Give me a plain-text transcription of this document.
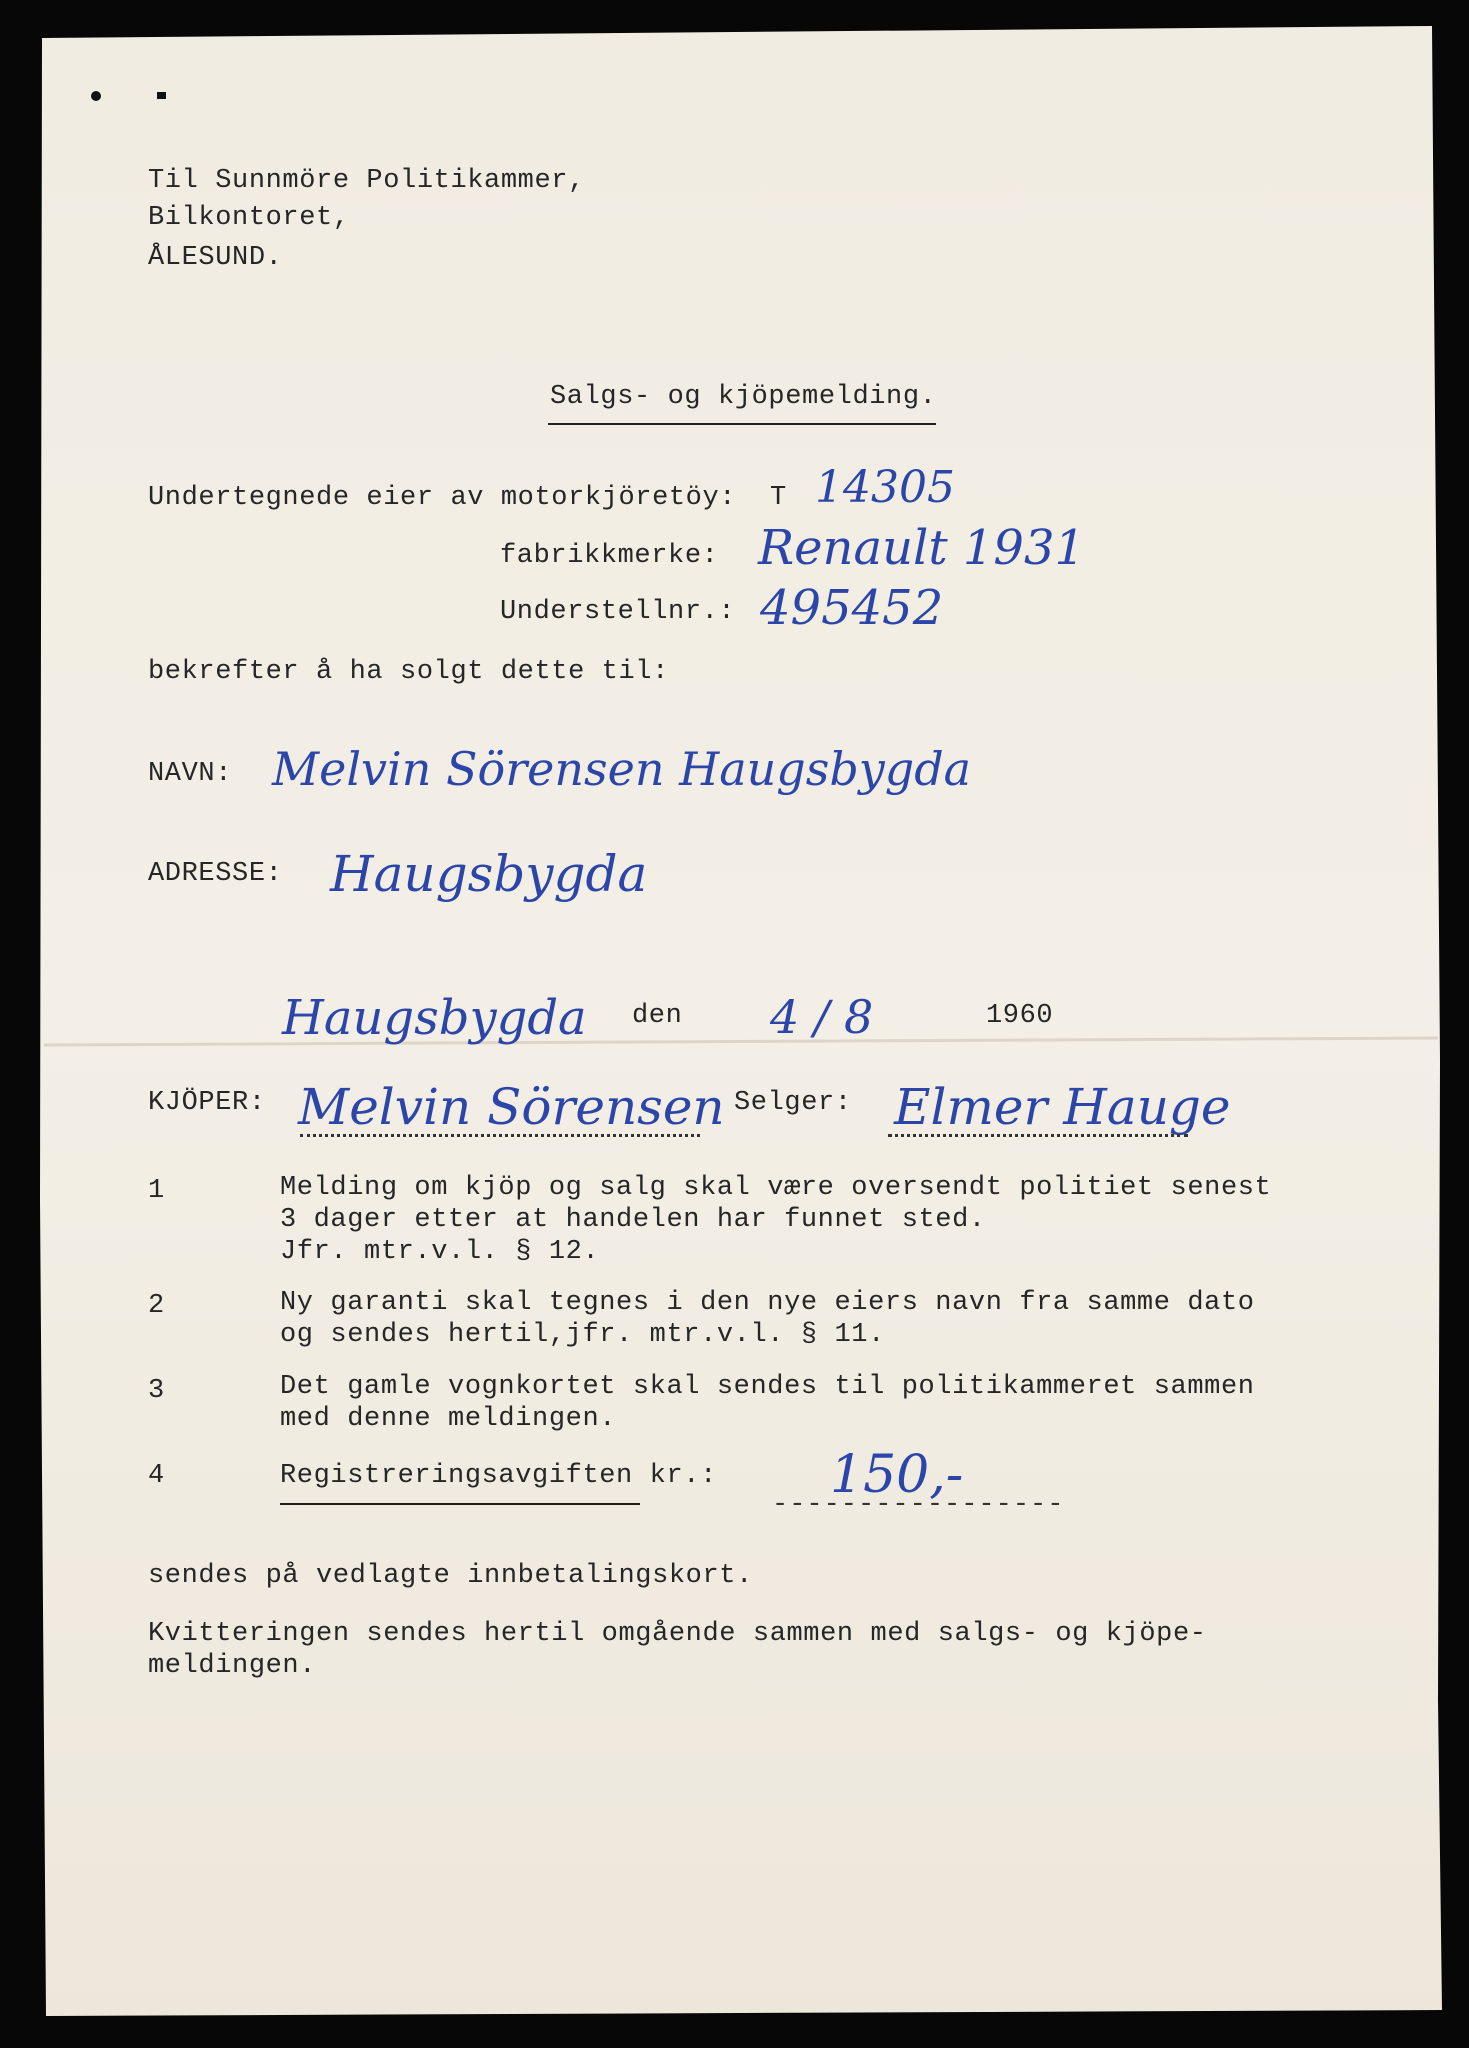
Til Sunnmöre Politikammer,
Bilkontoret,
ÅLESUND.
Salgs- og kjöpemelding.
Undertegnede eier av motorkjöretöy: T 14305
fabrikkmerke: Renault 1931
Understellnr.: 495452
bekrefter å ha solgt dette til:
NAVN: Melvin Sörensen Haugsbygda
ADRESSE: Haugsbygda
Haugsbygda den 4 / 8	1960
KJÖPER: Melvin Sörensen Selger: Elmer Hauge
1	Melding om kjöp og salg skal være oversendt politiet senest
3 dager etter at handelen har funnet sted.
Jfr. mtr.v.l. § 12.
2	Ny garanti skal tegnes i den nye eiers navn fra samme dato
og sendes hertil,jfr. mtr.v.l. § 11.
3	Det gamle vognkortet skal sendes til politikammeret sammen
med denne meldingen.
4	Registreringsavgiften kr.: 150,-
-----------------
sendes på vedlagte innbetalingskort.
Kvitteringen sendes hertil omgående sammen med salgs- og kjöpe-
meldingen.
